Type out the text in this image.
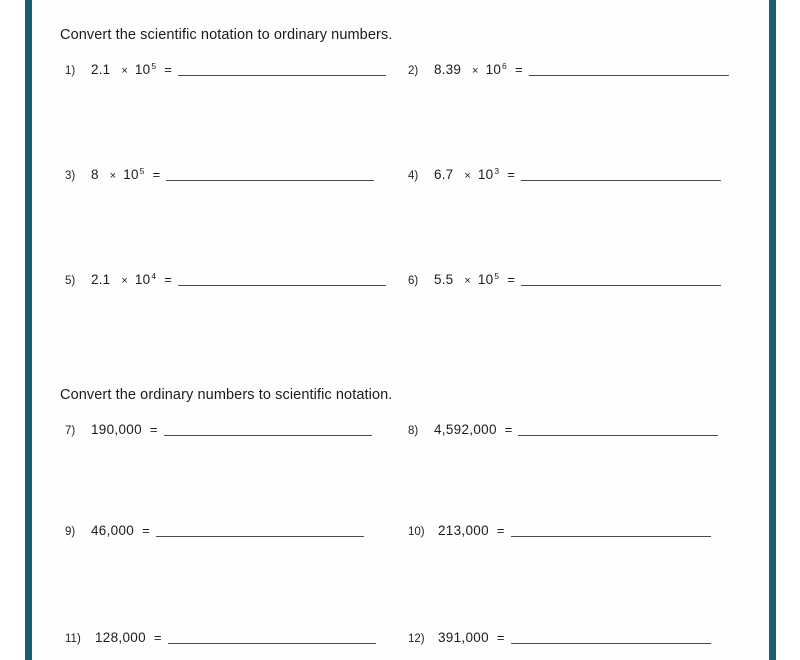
Convert the scientific notation to ordinary numbers.
1)	$2.1 \times 10^5$ =	2)	$8.39 \times 10^6$ =
3)	$8 \times 10^5$ =	4)	$6.7 \times 10^3$ =
5)	$2.1 \times 10^4$ =	6)	$5.5 \times 10^5$ =
Convert the ordinary numbers to scientific notation.
7)	190,000 =	8)	4,592,000 =
9)	46,000 =	10) 213,000 =
11)	128,000 =	12) 391,000 =
